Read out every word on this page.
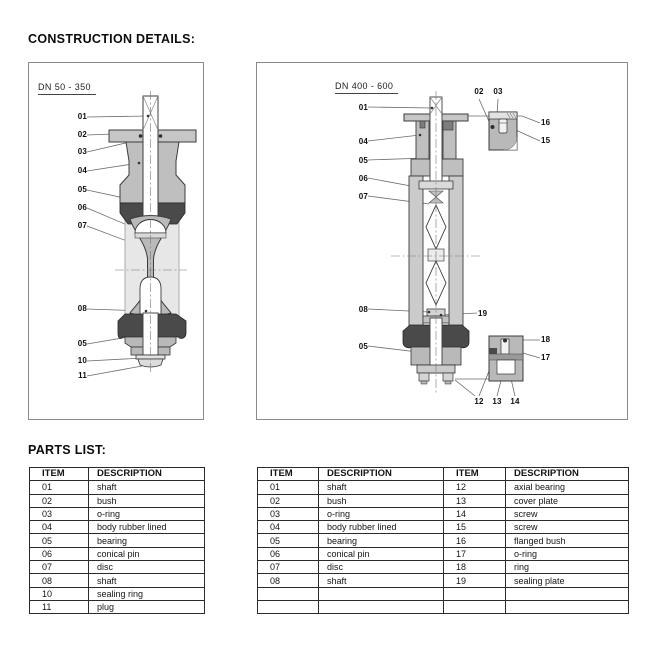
CONSTRUCTION DETAILS:
PARTS LIST:
DN 50 - 350
01
02
03
04
05
06
07
08
05
10
11
DN 400 - 600
01
02	03
16
15
04
05
06
07
08	19
05
18
17
12	13	14
ITEM	DESCRIPTION
01	shaft
02	bush
03	o-ring
04	body rubber lined
05	bearing
06	conical pin
07	disc
08	shaft
10	sealing ring
11	plug
ITEM	DESCRIPTION	ITEM	DESCRIPTION
01	shaft	12	axial bearing
02	bush	13	cover plate
03	o-ring	14	screw
04	body rubber lined	15	screw
05	bearing	16	flanged bush
06	conical pin	17	o-ring
07	disc	18	ring
08	shaft	19	sealing plate
